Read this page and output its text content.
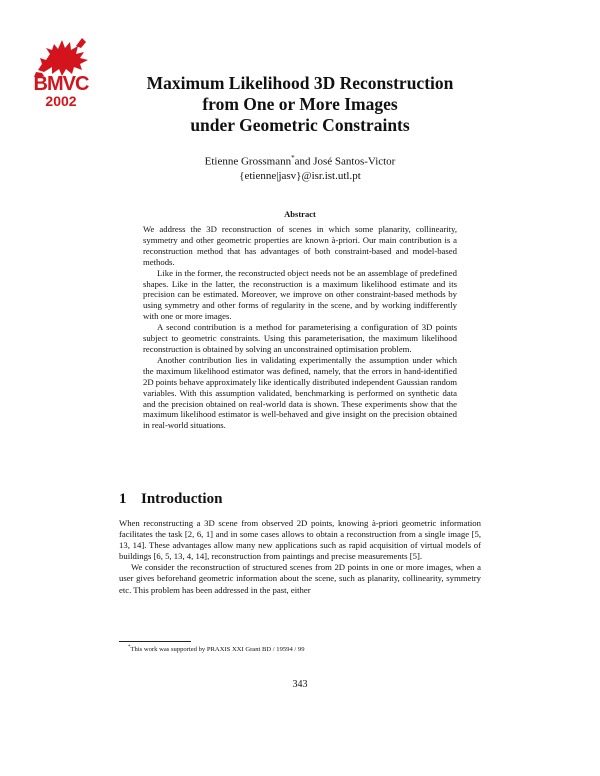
BMVC
2002
Maximum Likelihood 3D Reconstruction
from One or More Images
under Geometric Constraints
Etienne Grossmann*and José Santos-Victor
{etienne|jasv}@isr.ist.utl.pt
Abstract

We address the 3D reconstruction of scenes in which some planarity, collinearity, symmetry and other geometric properties are known à-priori. Our main contribution is a reconstruction method that has advantages of both constraint-based and model-based methods.

Like in the former, the reconstructed object needs not be an assemblage of predefined shapes. Like in the latter, the reconstruction is a maximum likelihood estimate and its precision can be estimated. Moreover, we improve on other constraint-based methods by using symmetry and other forms of regularity in the scene, and by working indifferently with one or more images.

A second contribution is a method for parameterising a configuration of 3D points subject to geometric constraints. Using this parameterisation, the maximum likelihood reconstruction is obtained by solving an unconstrained optimisation problem.

Another contribution lies in validating experimentally the assumption under which the maximum likelihood estimator was defined, namely, that the errors in hand-identified 2D points behave approximately like identically distributed independent Gaussian random variables. With this assumption validated, benchmarking is performed on synthetic data and the precision obtained on real-world data is shown. These experiments show that the maximum likelihood estimator is well-behaved and give insight on the precision obtained in real-world situations.

1 Introduction

When reconstructing a 3D scene from observed 2D points, knowing à-priori geometric information facilitates the task [2, 6, 1] and in some cases allows to obtain a reconstruction from a single image [5, 13, 14]. These advantages allow many new applications such as rapid acquisition of virtual models of buildings [6, 5, 13, 4, 14], reconstruction from paintings and precise measurements [5].

We consider the reconstruction of structured scenes from 2D points in one or more images, when a user gives beforehand geometric information about the scene, such as planarity, collinearity, symmetry etc. This problem has been addressed in the past, either

*This work was supported by PRAXIS XXI Grant BD / 19594 / 99
343
